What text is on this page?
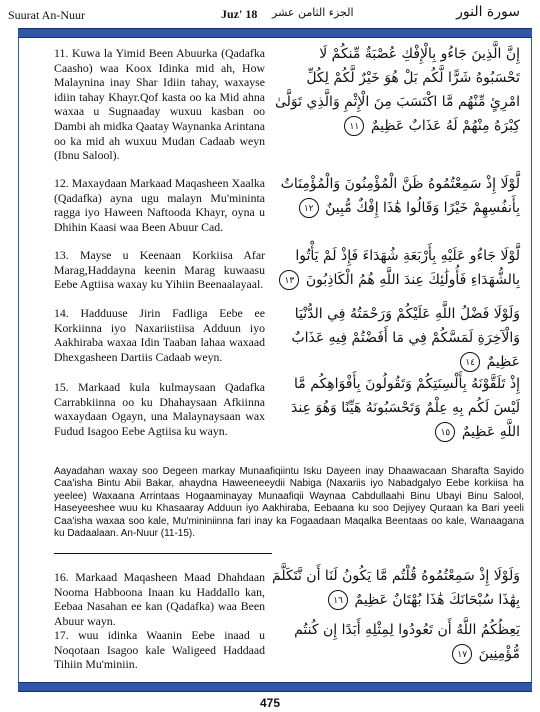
Suurat An-Nuur	Juz' 18 الجزء الثامن عشر	سورة النور
11. Kuwa la Yimid Been Abuurka (Qadafka Caasho) waa Koox Idinka mid ah, How Malaynina inay Shar Idiin tahay, waxayse idiin tahay Khayr.Qof kasta oo ka Mid ahna waxaa u Sugnaaday wuxuu kasban oo Dambi ah midka Qaatay Waynanka Arintana oo ka mid ah wuxuu Mudan Cadaab weyn (Ibnu Salool).
إِنَّ الَّذِينَ جَاءُو بِالْإِفْكِ عُصْبَةٌ مِّنكُمْ لَا تَحْسَبُوهُ شَرًّا لَّكُم بَلْ هُوَ خَيْرٌ لَّكُمْ لِكُلِّ امْرِئٍ مِّنْهُم مَّا اكْتَسَبَ مِنَ الْإِثْمِ وَالَّذِي تَوَلَّىٰ كِبْرَهُ مِنْهُمْ لَهُ عَذَابٌ عَظِيمٌ ١١
12. Maxaydaan Markaad Maqasheen Xaalka (Qadafka) ayna ugu malayn Mu'mininta ragga iyo Haween Naftooda Khayr, oyna u Dhihin Kaasi waa Been Abuur Cad.
لَّوْلَا إِذْ سَمِعْتُمُوهُ ظَنَّ الْمُؤْمِنُونَ وَالْمُؤْمِنَاتُ بِأَنفُسِهِمْ خَيْرًا وَقَالُوا هَٰذَا إِفْكٌ مُّبِينٌ ١٢
13. Mayse u Keenaan Korkiisa Afar Marag,Haddayna keenin Marag kuwaasu Eebe Agtiisa waxay ku Yihiin Beenaalayaal.
لَّوْلَا جَاءُو عَلَيْهِ بِأَرْبَعَةِ شُهَدَاءَ فَإِذْ لَمْ يَأْتُوا بِالشُّهَدَاءِ فَأُولَٰئِكَ عِندَ اللَّهِ هُمُ الْكَاذِبُونَ ١٣
14. Hadduuse Jirin Fadliga Eebe ee Korkiinna iyo Naxariistiisa Adduun iyo Aakhiraba waxaa Idin Taaban lahaa waxaad Dhexgasheen Dartiis Cadaab weyn.
وَلَوْلَا فَضْلُ اللَّهِ عَلَيْكُمْ وَرَحْمَتُهُ فِي الدُّنْيَا وَالْآخِرَةِ لَمَسَّكُمْ فِي مَا أَفَضْتُمْ فِيهِ عَذَابٌ عَظِيمٌ ١٤
15. Markaad kula kulmaysaan Qadafka Carrabkiinna oo ku Dhahaysaan Afkiinna waxaydaan Ogayn, una Malaynaysaan wax Fudud Isagoo Eebe Agtiisa ku wayn.
إِذْ تَلَقَّوْنَهُ بِأَلْسِنَتِكُمْ وَتَقُولُونَ بِأَفْوَاهِكُم مَّا لَيْسَ لَكُم بِهِ عِلْمٌ وَتَحْسَبُونَهُ هَيِّنًا وَهُوَ عِندَ اللَّهِ عَظِيمٌ ١٥
Aayadahan waxay soo Degeen markay Munaafiqiintu Isku Dayeen inay Dhaawacaan Sharafta Sayido Caa'isha Bintu Abii Bakar, ahaydna Haweeneeydii Nabiga (Naxariis iyo Nabadgalyo Eebe korkiisa ha yeelee) Waxaana Arrintaas Hogaaminayay Munaafiqii Waynaa Cabdullaahi Binu Ubayi Binu Salool, Haseyeeshee wuu ku Khasaaray Adduun iyo Aakhiraba, Eebaana ku soo Dejiyey Quraan ka Bari yeeli Caa'isha waxaa soo kale, Mu'mininiinna fari inay ka Fogaadaan Maqalka Beentaas oo kale, Wanaagana ku Dadaalaan. An-Nuur (11-15).
16. Markaad Maqasheen Maad Dhahdaan Nooma Habboona Inaan ku Haddallo kan, Eebaa Nasahan ee kan (Qadafka) waa Been Abuur wayn.
وَلَوْلَا إِذْ سَمِعْتُمُوهُ قُلْتُم مَّا يَكُونُ لَنَا أَن نَّتَكَلَّمَ بِهَٰذَا سُبْحَانَكَ هَٰذَا بُهْتَانٌ عَظِيمٌ ١٦
17. wuu idinka Waanin Eebe inaad u Noqotaan Isagoo kale Waligeed Haddaad Tihiin Mu'miniin.
يَعِظُكُمُ اللَّهُ أَن تَعُودُوا لِمِثْلِهِ أَبَدًا إِن كُنتُم مُّؤْمِنِينَ ١٧
475
